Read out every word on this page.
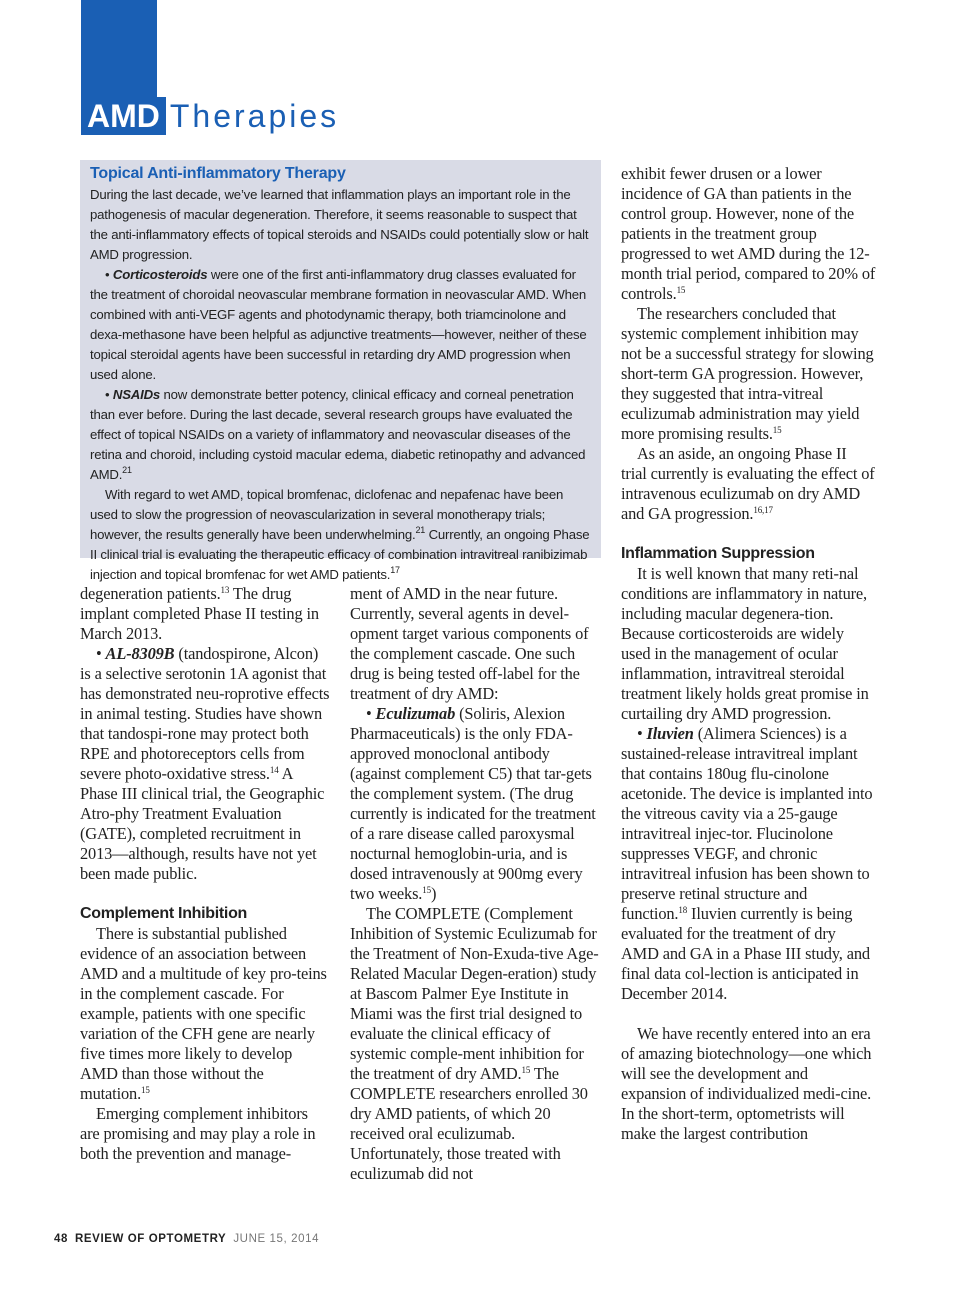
AMD Therapies
Topical Anti-inflammatory Therapy

During the last decade, we’ve learned that inflammation plays an important role in the pathogenesis of macular degeneration. Therefore, it seems reasonable to suspect that the anti-inflammatory effects of topical steroids and NSAIDs could potentially slow or halt AMD progression.

• Corticosteroids were one of the first anti-inflammatory drug classes evaluated for the treatment of choroidal neovascular membrane formation in neovascular AMD. When combined with anti-VEGF agents and photodynamic therapy, both triamcinolone and dexa-methasone have been helpful as adjunctive treatments—however, neither of these topical steroidal agents have been successful in retarding dry AMD progression when used alone.

• NSAIDs now demonstrate better potency, clinical efficacy and corneal penetration than ever before. During the last decade, several research groups have evaluated the effect of topical NSAIDs on a variety of inflammatory and neovascular diseases of the retina and choroid, including cystoid macular edema, diabetic retinopathy and advanced AMD.$^{21}$

With regard to wet AMD, topical bromfenac, diclofenac and nepafenac have been used to slow the progression of neovascularization in several monotherapy trials; however, the results generally have been underwhelming.$^{21}$ Currently, an ongoing Phase II clinical trial is evaluating the therapeutic efficacy of combination intravitreal ranibizimab injection and topical bromfenac for wet AMD patients.$^{17}$

degeneration patients.$^{13}$ The drug implant completed Phase II testing in March 2013.

• AL-8309B (tandospirone, Alcon) is a selective serotonin 1A agonist that has demonstrated neu-roprotive effects in animal testing. Studies have shown that tandospi-rone may protect both RPE and photoreceptors cells from severe photo-oxidative stress.$^{14}$ A Phase III clinical trial, the Geographic Atro-phy Treatment Evaluation (GATE), completed recruitment in 2013—although, results have not yet been made public.

Complement Inhibition

There is substantial published evidence of an association between AMD and a multitude of key pro-teins in the complement cascade. For example, patients with one specific variation of the CFH gene are nearly five times more likely to develop AMD than those without the mutation.$^{15}$

Emerging complement inhibitors are promising and may play a role in both the prevention and manage-

ment of AMD in the near future. Currently, several agents in devel-opment target various components of the complement cascade. One such drug is being tested off-label for the treatment of dry AMD:

• Eculizumab (Soliris, Alexion Pharmaceuticals) is the only FDA-approved monoclonal antibody (against complement C5) that tar-gets the complement system. (The drug currently is indicated for the treatment of a rare disease called paroxysmal nocturnal hemoglobin-uria, and is dosed intravenously at 900mg every two weeks.$^{15}$)

The COMPLETE (Complement Inhibition of Systemic Eculizumab for the Treatment of Non-Exuda-tive Age-Related Macular Degen-eration) study at Bascom Palmer Eye Institute in Miami was the first trial designed to evaluate the clinical efficacy of systemic comple-ment inhibition for the treatment of dry AMD.$^{15}$ The COMPLETE researchers enrolled 30 dry AMD patients, of which 20 received oral eculizumab. Unfortunately, those treated with eculizumab did not

exhibit fewer drusen or a lower incidence of GA than patients in the control group. However, none of the patients in the treatment group progressed to wet AMD during the 12-month trial period, compared to 20% of controls.$^{15}$

The researchers concluded that systemic complement inhibition may not be a successful strategy for slowing short-term GA progression. However, they suggested that intra-vitreal eculizumab administration may yield more promising results.$^{15}$

As an aside, an ongoing Phase II trial currently is evaluating the effect of intravenous eculizumab on dry AMD and GA progression.$^{16,17}$

Inflammation Suppression

It is well known that many reti-nal conditions are inflammatory in nature, including macular degenera-tion. Because corticosteroids are widely used in the management of ocular inflammation, intravitreal steroidal treatment likely holds great promise in curtailing dry AMD progression.

• Iluvien (Alimera Sciences) is a sustained-release intravitreal implant that contains 180ug flu-cinolone acetonide. The device is implanted into the vitreous cavity via a 25-gauge intravitreal injec-tor. Flucinolone suppresses VEGF, and chronic intravitreal infusion has been shown to preserve retinal structure and function.$^{18}$ Iluvien currently is being evaluated for the treatment of dry AMD and GA in a Phase III study, and final data col-lection is anticipated in December 2014.

We have recently entered into an era of amazing biotechnology—one which will see the development and expansion of individualized medi-cine. In the short-term, optometrists will make the largest contribution

48 REVIEW OF OPTOMETRY JUNE 15, 2014
